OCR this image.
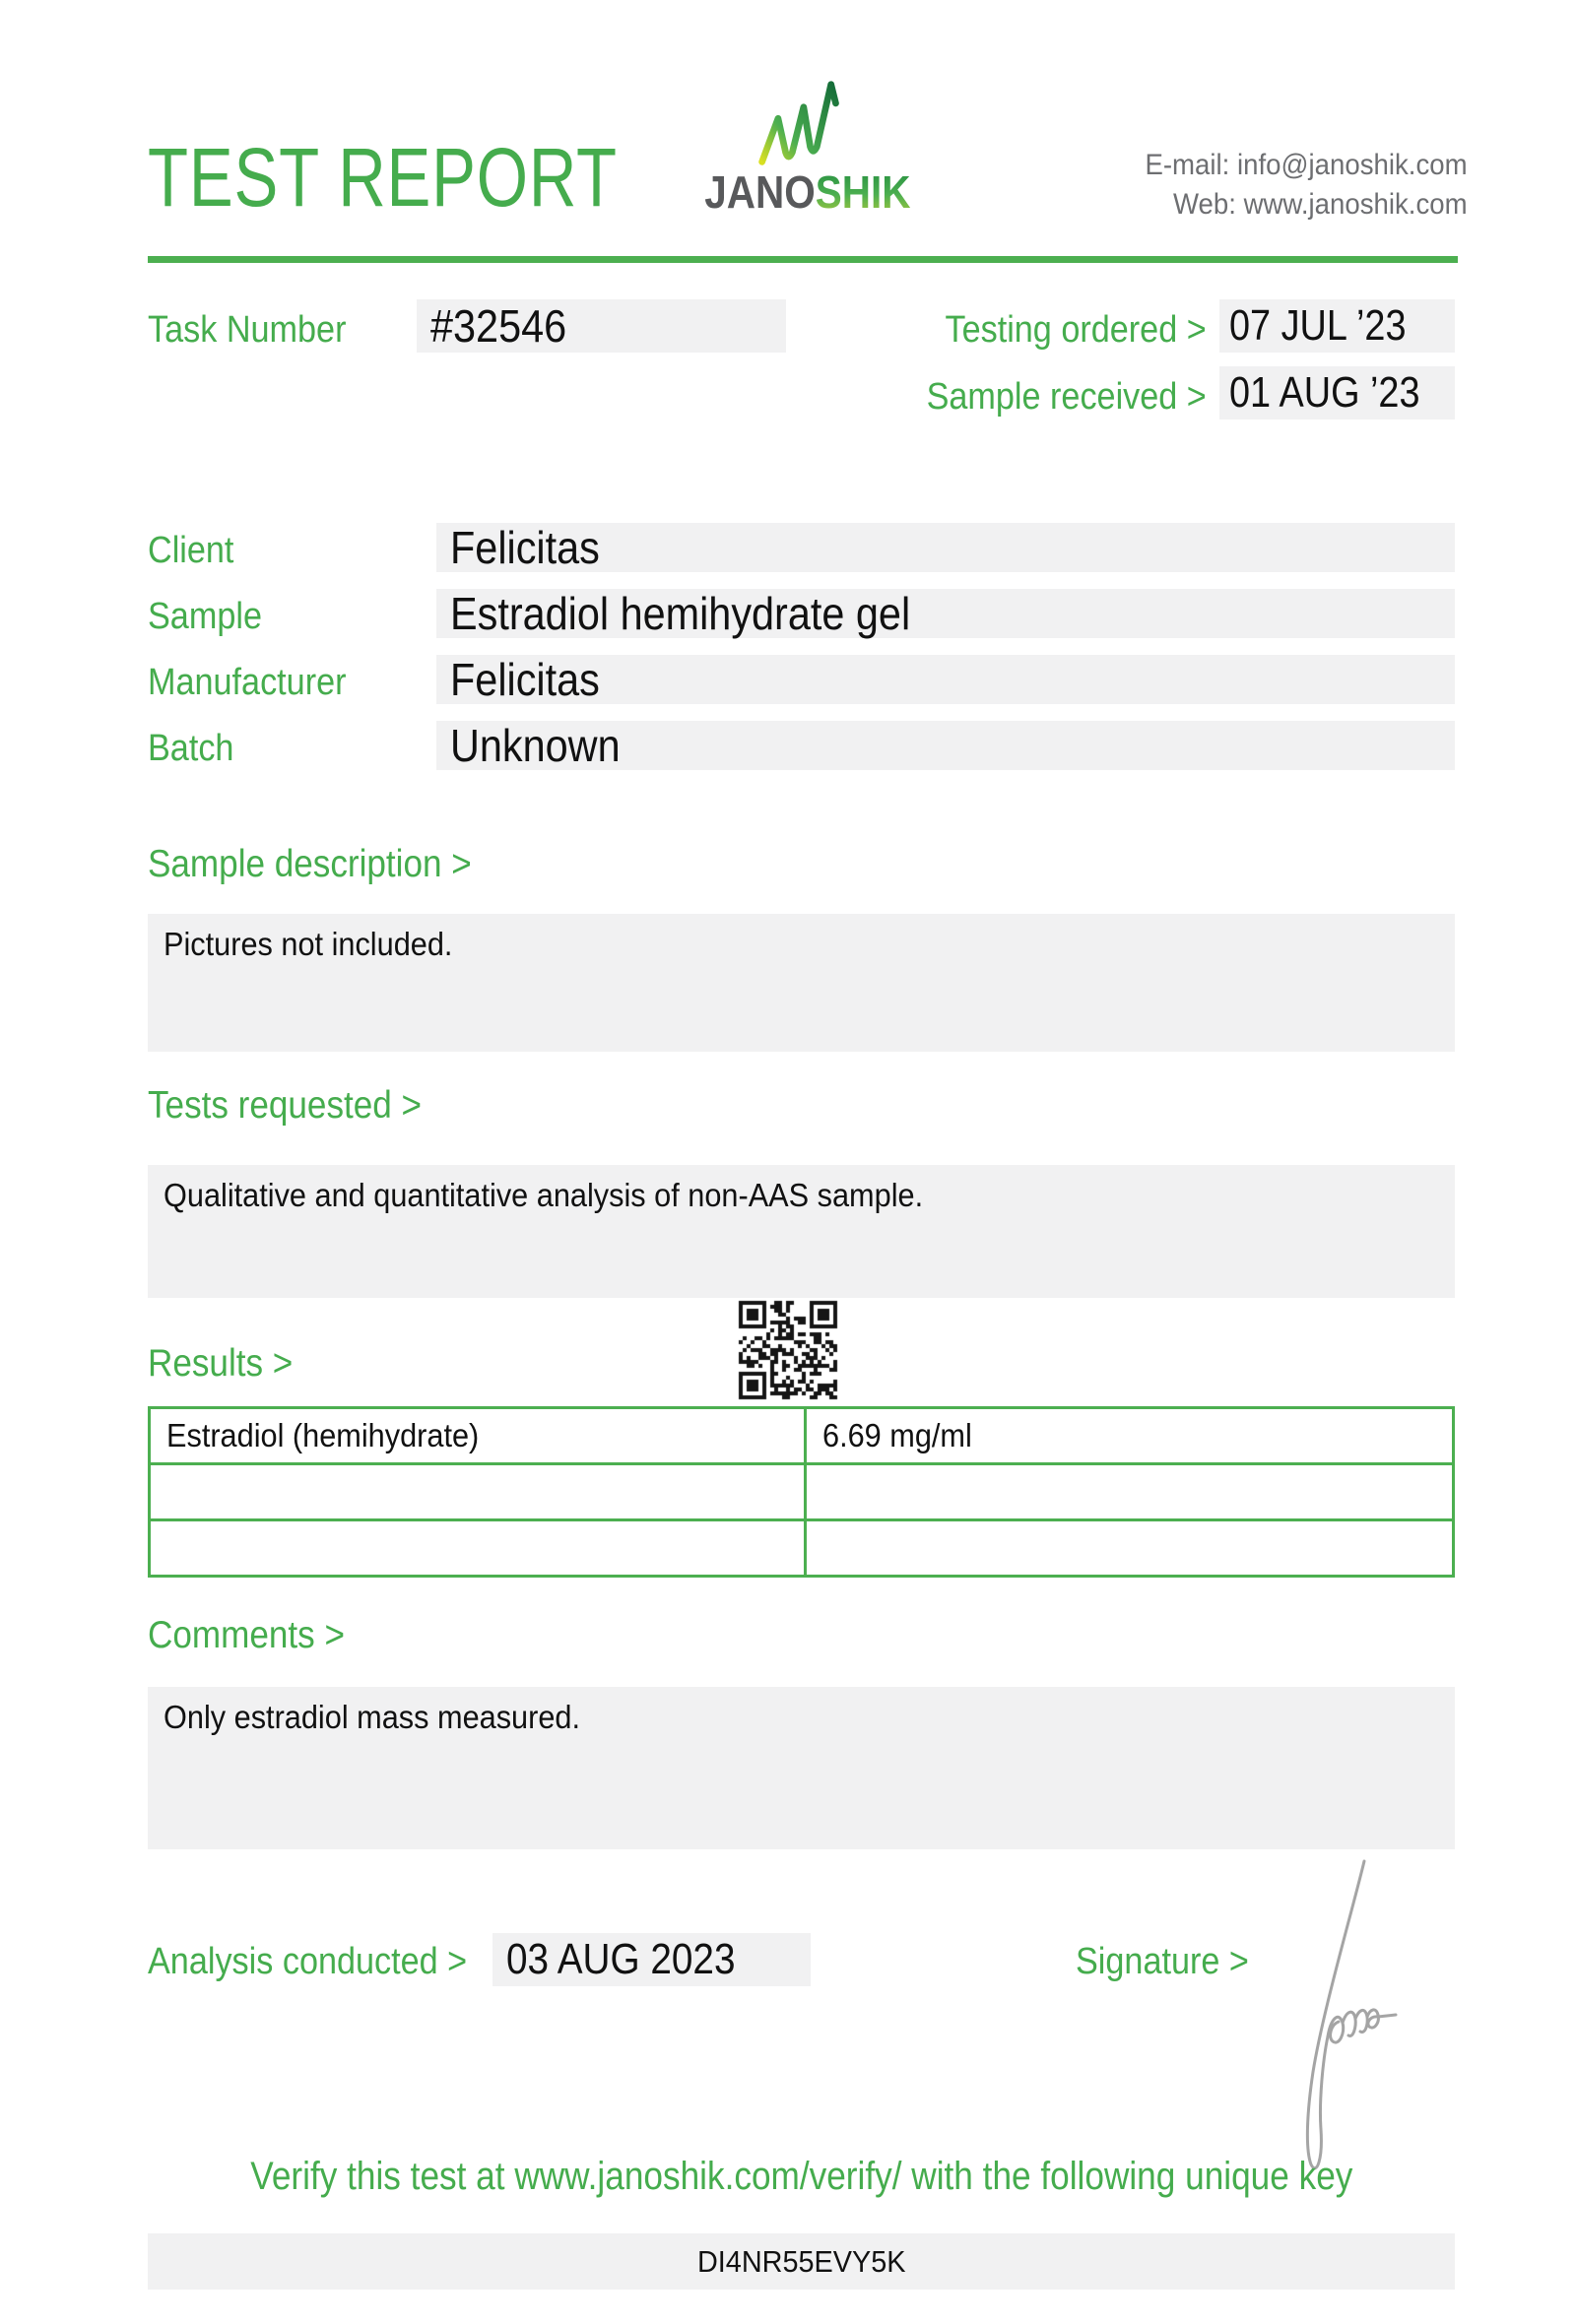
TEST REPORT	JANOSHIK
E-mail: info@janoshik.com
Web: www.janoshik.com
Task Number	#32546	Testing ordered > 07 JUL ’23
Sample received > 01 AUG ’23
Client	Felicitas
Sample	Estradiol hemihydrate gel
Manufacturer	Felicitas
Batch	Unknown
Sample description >
Pictures not included.
Tests requested >
Qualitative and quantitative analysis of non-AAS sample.
Results >
Estradiol (hemihydrate)	6.69 mg/ml

Comments >
Only estradiol mass measured.
Analysis conducted > 03 AUG 2023	Signature >
Verify this test at www.janoshik.com/verify/ with the following unique key
DI4NR55EVY5K
